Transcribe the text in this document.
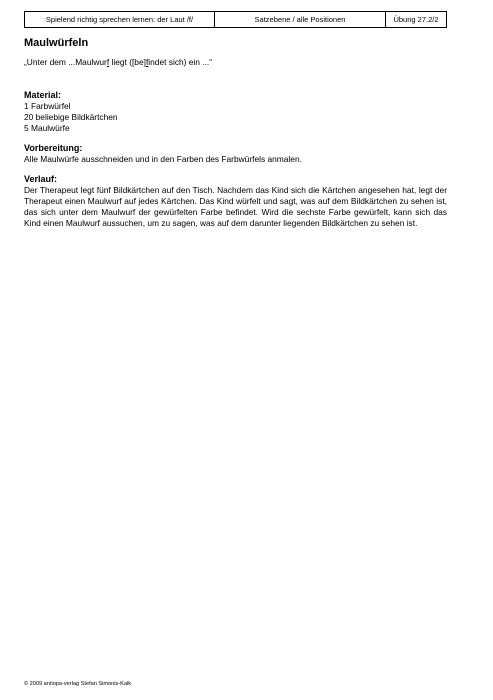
Spielend richtig sprechen lernen: der Laut /f/	Satzebene / alle Positionen	Übung 27.2/2
Maulwürfeln
„Unter dem ...Maulwurf liegt ([be]findet sich) ein ...“
Material:
1 Farbwürfel
20 beliebige Bildkärtchen
5 Maulwürfe
Vorbereitung:
Alle Maulwürfe ausschneiden und in den Farben des Farbwürfels anmalen.
Verlauf:
Der Therapeut legt fünf Bildkärtchen auf den Tisch. Nachdem das Kind sich die Kärtchen angesehen hat, legt der Therapeut einen Maulwurf auf jedes Kärtchen. Das Kind würfelt und sagt, was auf dem Bildkärtchen zu sehen ist, das sich unter dem Maulwurf der gewürfelten Farbe befindet. Wird die sechste Farbe gewürfelt, kann sich das Kind einen Maulwurf aussuchen, um zu sagen, was auf dem darunter liegenden Bildkärtchen zu sehen ist.
© 2009 antiopa-verlag Stefan Simonis-Kalk
